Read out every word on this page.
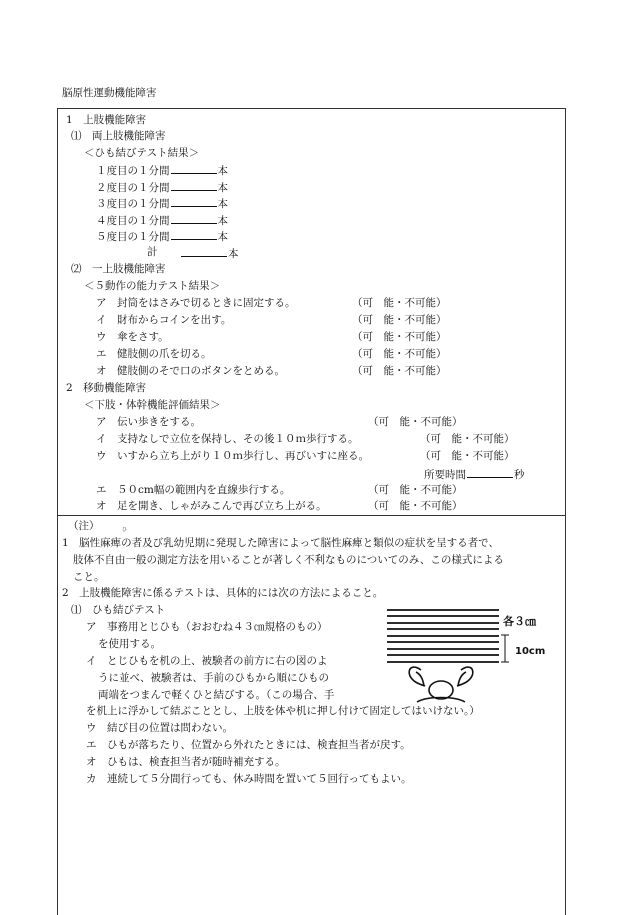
脳原性運動機能障害
1　上肢機能障害
⑴　両上肢機能障害
＜ひも結びテスト結果＞
１度目の１分間	本
２度目の１分間	本
３度目の１分間	本
４度目の１分間	本
５度目の１分間	本
計	本
⑵　一上肢機能障害
＜５動作の能力テスト結果＞
ア　封筒をはさみで切るときに固定する。	（可　能・不可能）
イ　財布からコインを出す。	（可　能・不可能）
ウ　傘をさす。	（可　能・不可能）
エ　健肢側の爪を切る。	（可　能・不可能）
オ　健肢側のそで口のボタンをとめる。	（可　能・不可能）
2　移動機能障害
＜下肢・体幹機能評価結果＞
ア　伝い歩きをする。	（可　能・不可能）
イ　支持なしで立位を保持し、その後１０ｍ歩行する。	（可　能・不可能）
ウ　いすから立ち上がり１０ｍ歩行し、再びいすに座る。	（可　能・不可能）
所要時間	秒
エ　５０cm幅の範囲内を直線歩行する。	（可　能・不可能）
オ　足を開き、しゃがみこんで再び立ち上がる。	（可　能・不可能）
（注）	ひ
1　脳性麻痺の者及び乳幼児期に発現した障害によって脳性麻痺と類似の症状を呈する者で、
肢体不自由一般の測定方法を用いることが著しく不利なものについてのみ、この様式による
こと。
2　上肢機能障害に係るテストは、具体的には次の方法によること。
⑴　ひも結びテスト
ア　事務用とじひも（おおむね４３㎝規格のもの）
を使用する。
イ　とじひもを机の上、被験者の前方に右の図のよ
うに並べ、被験者は、手前のひもから順にひもの
両端をつまんで軽くひと結びする。（この場合、手
を机上に浮かして結ぶこととし、上肢を体や机に押し付けて固定してはいけない。）
ウ　結び目の位置は問わない。
エ　ひもが落ちたり、位置から外れたときには、検査担当者が戻す。
オ　ひもは、検査担当者が随時補充する。
カ　連続して５分間行っても、休み時間を置いて５回行ってもよい。
各３㎝
10cm
